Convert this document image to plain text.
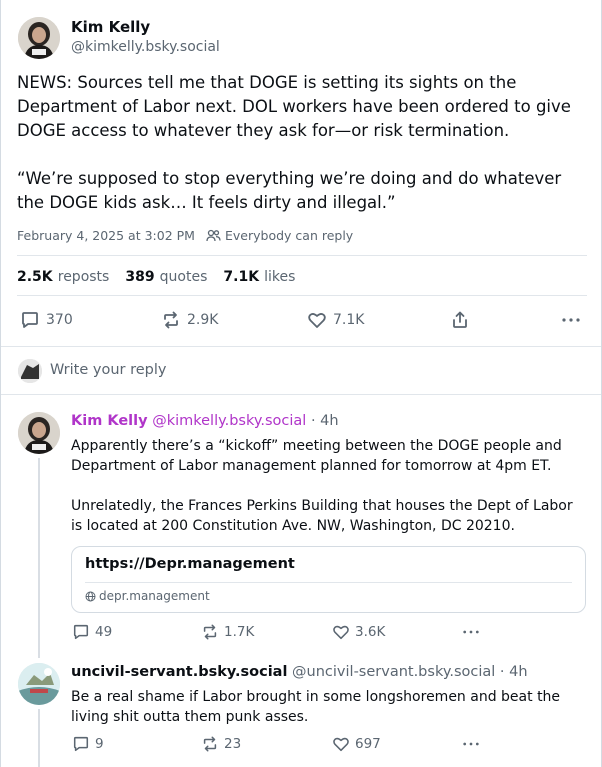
Kim Kelly
@kimkelly.bsky.social
NEWS: Sources tell me that DOGE is setting its sights on the Department of Labor next. DOL workers have been ordered to give DOGE access to whatever they ask for—or risk termination.
“We’re supposed to stop everything we’re doing and do whatever the DOGE kids ask… It feels dirty and illegal.”
February 4, 2025 at 3:02 PM Everybody can reply
2.5K reposts 389 quotes 7.1K likes
370	2.9K	7.1K
Write your reply
Kim Kelly @kimkelly.bsky.social · 4h
Apparently there’s a “kickoff” meeting between the DOGE people and Department of Labor management planned for tomorrow at 4pm ET.
Unrelatedly, the Frances Perkins Building that houses the Dept of Labor is located at 200 Constitution Ave. NW, Washington, DC 20210.
https://Depr.management
depr.management
49	1.7K	3.6K
uncivil-servant.bsky.social @uncivil-servant.bsky.social · 4h
Be a real shame if Labor brought in some longshoremen and beat the living shit outta them punk asses.
9	23	697
